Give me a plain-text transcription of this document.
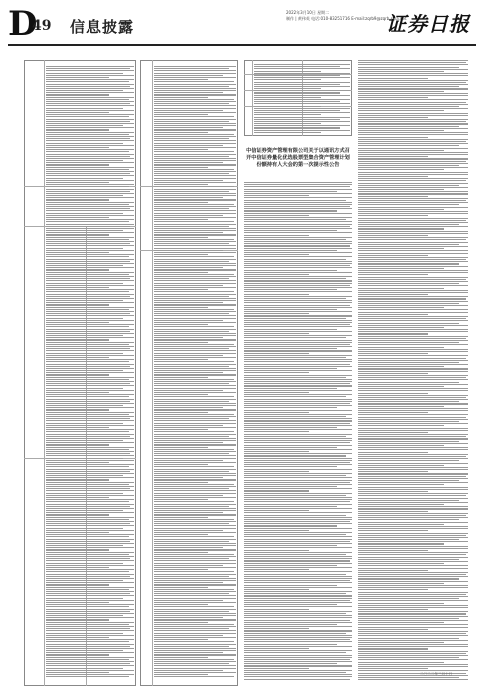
D
49 信息披露
2022年3月10日 星期二
制作 | 黄伟英 电话:010-83251716 E-mail:zqrb9@zqrb.sina.net
证券日报
中信证券资产管理有限公司关于以通讯方式召开中信证券量化优选股票型集合资产管理计划份额持有人大会的第一次提示性公告
二〇二二年三月十日
